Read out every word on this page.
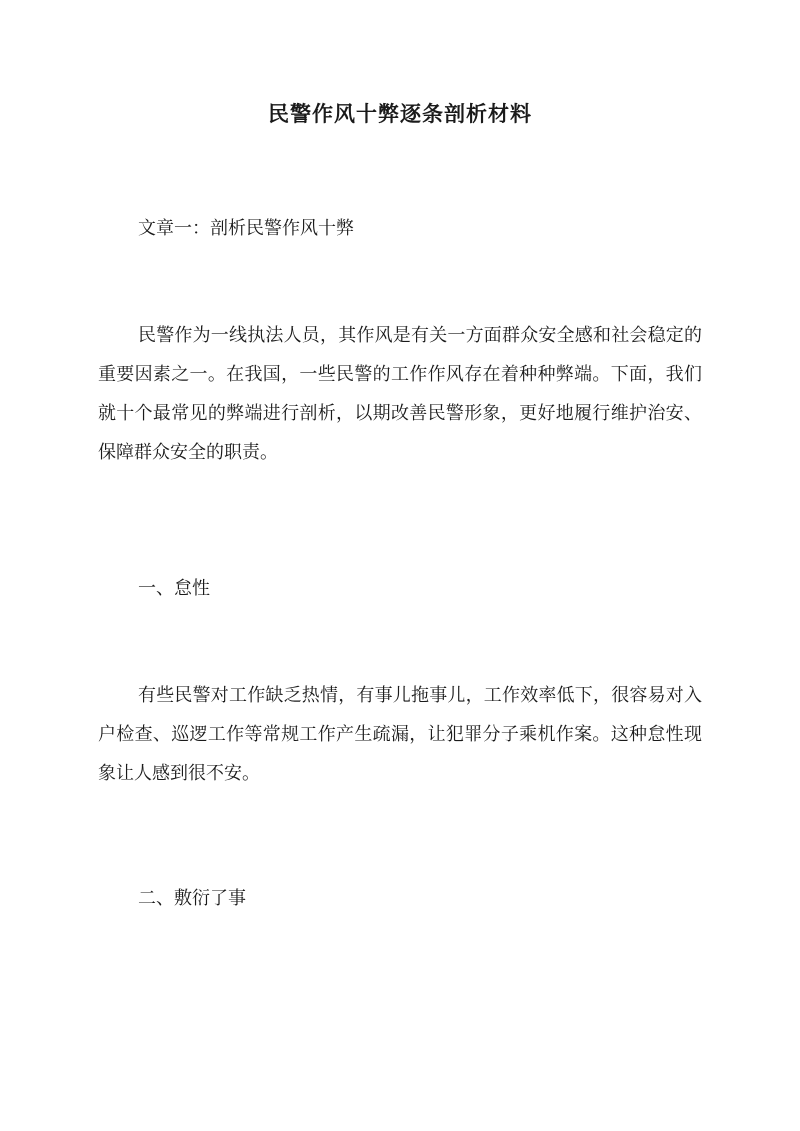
民警作风十弊逐条剖析材料

文章一：剖析民警作风十弊

民警作为一线执法人员，其作风是有关一方面群众安全感和社会稳定的重要因素之一。在我国，一些民警的工作作风存在着种种弊端。下面，我们就十个最常见的弊端进行剖析，以期改善民警形象，更好地履行维护治安、保障群众安全的职责。

一、怠性

有些民警对工作缺乏热情，有事儿拖事儿，工作效率低下，很容易对入户检查、巡逻工作等常规工作产生疏漏，让犯罪分子乘机作案。这种怠性现象让人感到很不安。

二、敷衍了事
